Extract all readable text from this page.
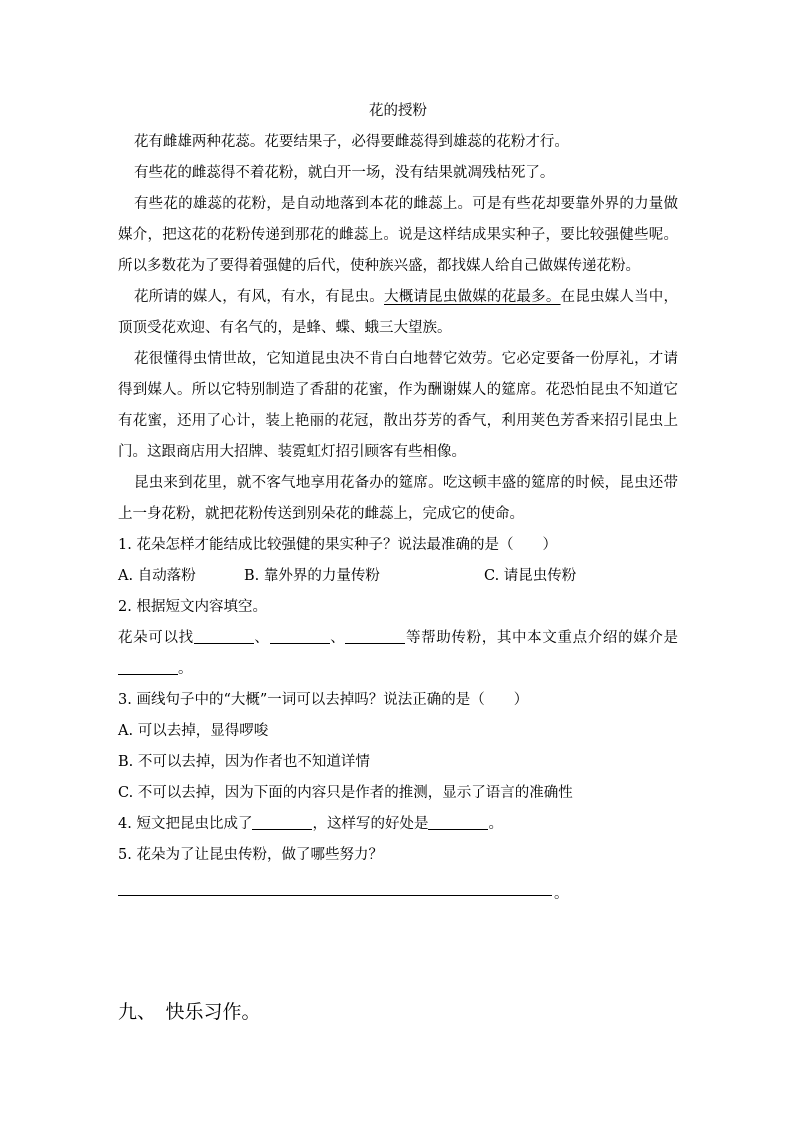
花的授粉

花有雌雄两种花蕊。花要结果子，必得要雌蕊得到雄蕊的花粉才行。

有些花的雌蕊得不着花粉，就白开一场，没有结果就凋残枯死了。

有些花的雄蕊的花粉，是自动地落到本花的雌蕊上。可是有些花却要靠外界的力量做媒介，把这花的花粉传递到那花的雌蕊上。说是这样结成果实种子，要比较强健些呢。所以多数花为了要得着强健的后代，使种族兴盛，都找媒人给自己做媒传递花粉。

花所请的媒人，有风，有水，有昆虫。大概请昆虫做媒的花最多。在昆虫媒人当中，顶顶受花欢迎、有名气的，是蜂、蝶、蛾三大望族。

花很懂得虫情世故，它知道昆虫决不肯白白地替它效劳。它必定要备一份厚礼，才请得到媒人。所以它特别制造了香甜的花蜜，作为酬谢媒人的筵席。花恐怕昆虫不知道它有花蜜，还用了心计，装上艳丽的花冠，散出芬芳的香气，利用荚色芳香来招引昆虫上门。这跟商店用大招牌、装霓虹灯招引顾客有些相像。

昆虫来到花里，就不客气地享用花备办的筵席。吃这顿丰盛的筵席的时候，昆虫还带上一身花粉，就把花粉传送到别朵花的雌蕊上，完成它的使命。

1. 花朵怎样才能结成比较强健的果实种子？说法最准确的是（　　）

A. 自动落粉	B. 靠外界的力量传粉	C. 请昆虫传粉

2. 根据短文内容填空。

花朵可以找	、	、	等帮助传粉，其中本文重点介绍的媒介是。

3. 画线句子中的“大概”一词可以去掉吗？说法正确的是（　　）

A. 可以去掉，显得啰唆

B. 不可以去掉，因为作者也不知道详情

C. 不可以去掉，因为下面的内容只是作者的推测，显示了语言的准确性

4. 短文把昆虫比成了	，这样写的好处是	。

5. 花朵为了让昆虫传粉，做了哪些努力？

。
九、　快乐习作。
